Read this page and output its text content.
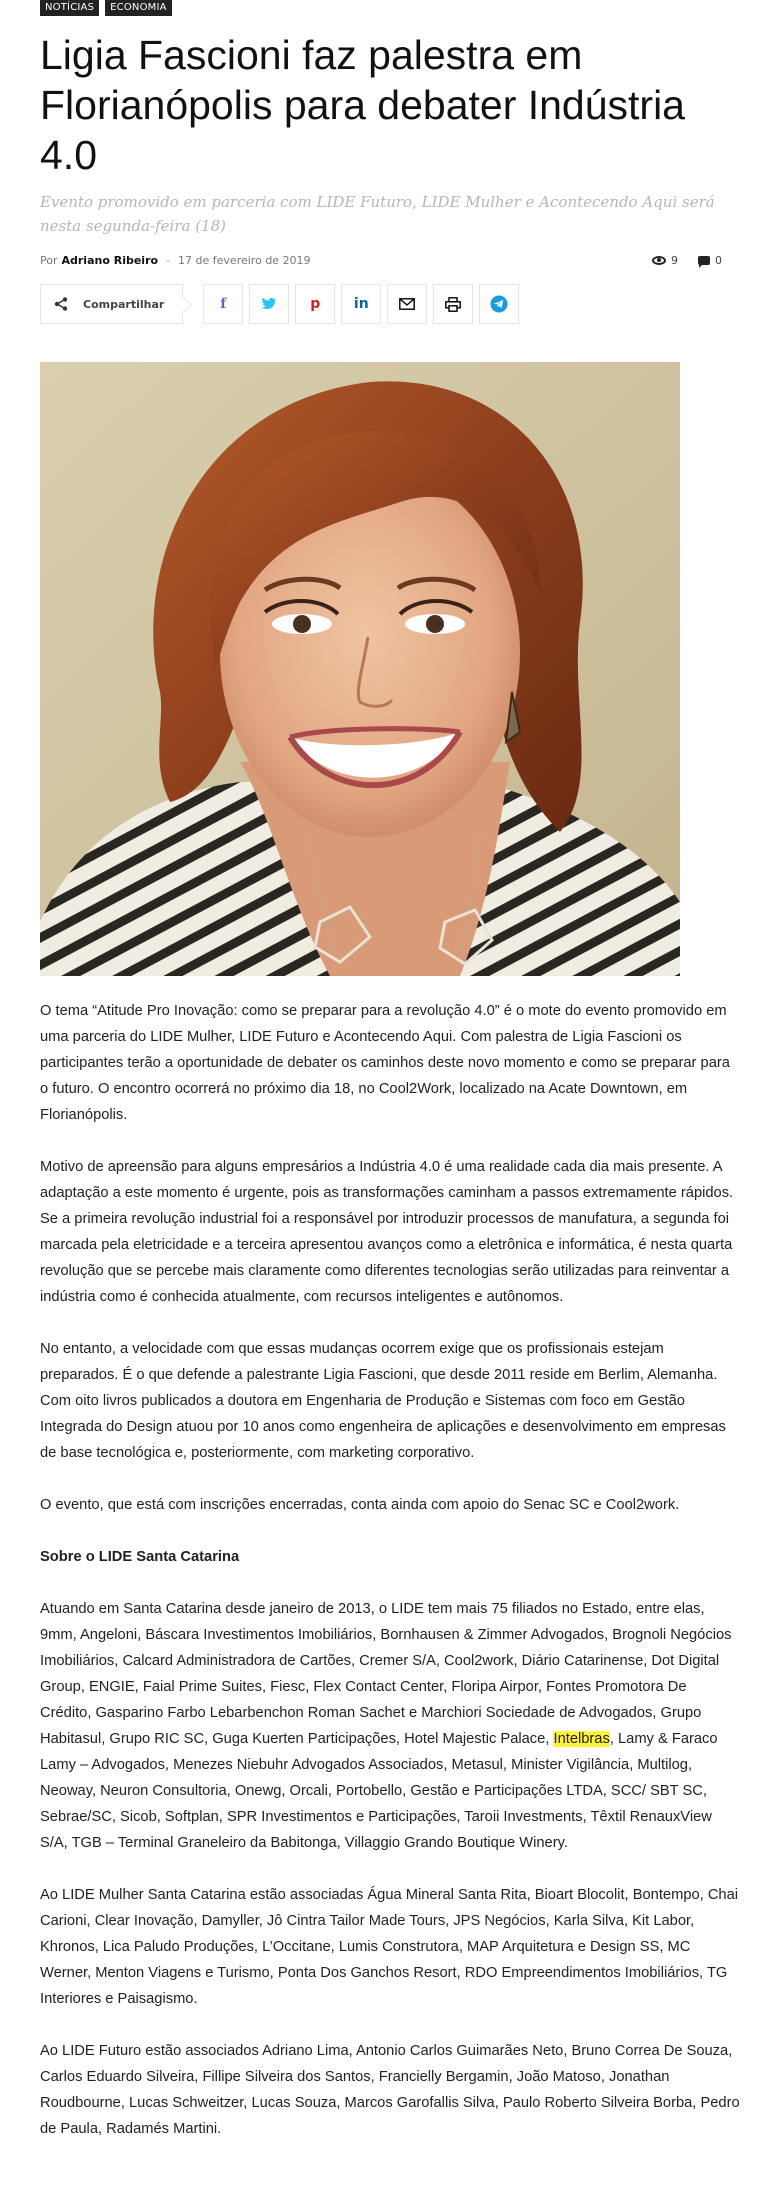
NOTÍCIAS	ECONOMIA
Ligia Fascioni faz palestra em Florianópolis para debater Indústria 4.0
Evento promovido em parceria com LIDE Futuro, LIDE Mulher e Acontecendo Aqui será nesta segunda-feira (18)
Por Adriano Ribeiro - 17 de fevereiro de 2019	9	0
Compartilhar	f	p in

O tema “Atitude Pro Inovação: como se preparar para a revolução 4.0” é o mote do evento promovido em uma parceria do LIDE Mulher, LIDE Futuro e Acontecendo Aqui. Com palestra de Ligia Fascioni os participantes terão a oportunidade de debater os caminhos deste novo momento e como se preparar para o futuro. O encontro ocorrerá no próximo dia 18, no Cool2Work, localizado na Acate Downtown, em Florianópolis.

Motivo de apreensão para alguns empresários a Indústria 4.0 é uma realidade cada dia mais presente. A adaptação a este momento é urgente, pois as transformações caminham a passos extremamente rápidos. Se a primeira revolução industrial foi a responsável por introduzir processos de manufatura, a segunda foi marcada pela eletricidade e a terceira apresentou avanços como a eletrônica e informática, é nesta quarta revolução que se percebe mais claramente como diferentes tecnologias serão utilizadas para reinventar a indústria como é conhecida atualmente, com recursos inteligentes e autônomos.

No entanto, a velocidade com que essas mudanças ocorrem exige que os profissionais estejam preparados. É o que defende a palestrante Ligia Fascioni, que desde 2011 reside em Berlim, Alemanha. Com oito livros publicados a doutora em Engenharia de Produção e Sistemas com foco em Gestão Integrada do Design atuou por 10 anos como engenheira de aplicações e desenvolvimento em empresas de base tecnológica e, posteriormente, com marketing corporativo.

O evento, que está com inscrições encerradas, conta ainda com apoio do Senac SC e Cool2work.

Sobre o LIDE Santa Catarina

Atuando em Santa Catarina desde janeiro de 2013, o LIDE tem mais 75 filiados no Estado, entre elas, 9mm, Angeloni, Báscara Investimentos Imobiliários, Bornhausen & Zimmer Advogados, Brognoli Negócios Imobiliários, Calcard Administradora de Cartões, Cremer S/A, Cool2work, Diário Catarinense, Dot Digital Group, ENGIE, Faial Prime Suites, Fiesc, Flex Contact Center, Floripa Airpor, Fontes Promotora De Crédito, Gasparino Farbo Lebarbenchon Roman Sachet e Marchiori Sociedade de Advogados, Grupo Habitasul, Grupo RIC SC, Guga Kuerten Participações, Hotel Majestic Palace, Intelbras, Lamy & Faraco Lamy – Advogados, Menezes Niebuhr Advogados Associados, Metasul, Minister Vigilância, Multilog, Neoway, Neuron Consultoria, Onewg, Orcali, Portobello, Gestão e Participações LTDA, SCC/ SBT SC, Sebrae/SC, Sicob, Softplan, SPR Investimentos e Participações, Taroii Investments, Têxtil RenauxView S/A, TGB – Terminal Graneleiro da Babitonga, Villaggio Grando Boutique Winery.

Ao LIDE Mulher Santa Catarina estão associadas Água Mineral Santa Rita, Bioart Blocolit, Bontempo, Chai Carioni, Clear Inovação, Damyller, Jô Cintra Tailor Made Tours, JPS Negócios, Karla Silva, Kit Labor, Khronos, Lica Paludo Produções, L’Occitane, Lumis Construtora, MAP Arquitetura e Design SS, MC Werner, Menton Viagens e Turismo, Ponta Dos Ganchos Resort, RDO Empreendimentos Imobiliários, TG Interiores e Paisagismo.

Ao LIDE Futuro estão associados Adriano Lima, Antonio Carlos Guimarães Neto, Bruno Correa De Souza, Carlos Eduardo Silveira, Fillipe Silveira dos Santos, Francielly Bergamin, João Matoso, Jonathan Roudbourne, Lucas Schweitzer, Lucas Souza, Marcos Garofallis Silva, Paulo Roberto Silveira Borba, Pedro de Paula, Radamés Martini.
